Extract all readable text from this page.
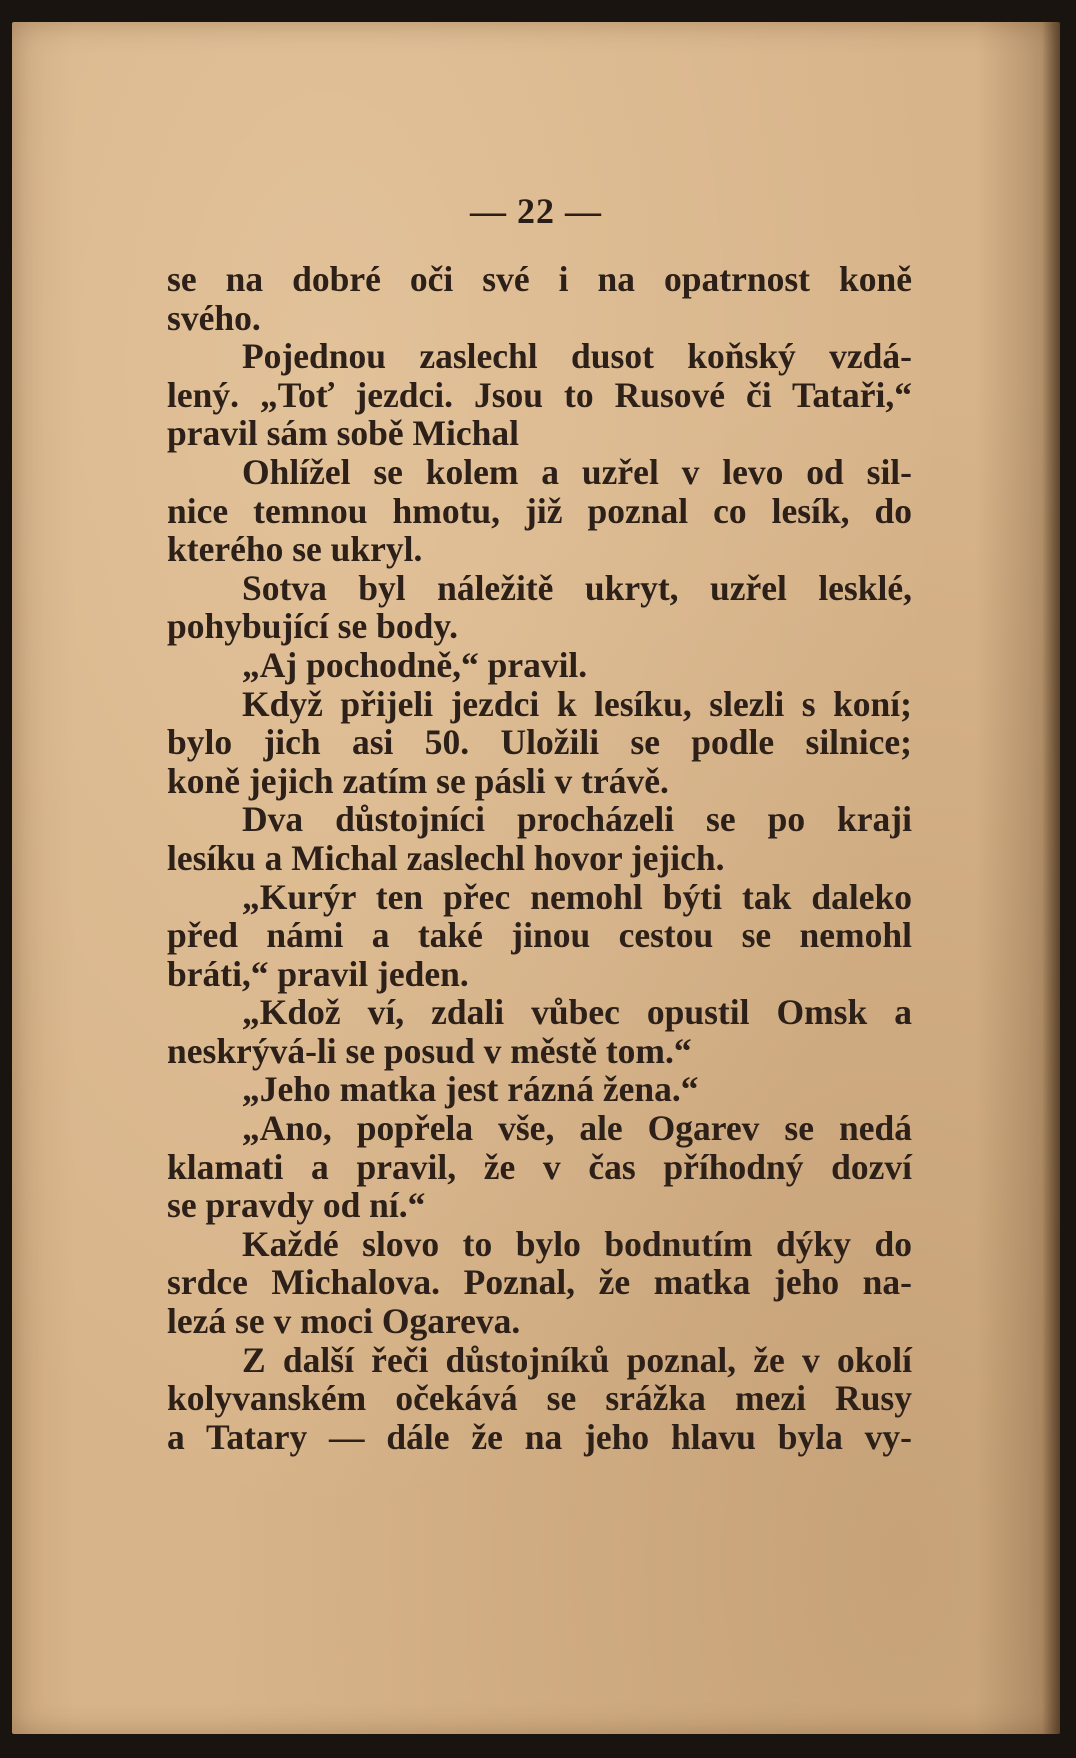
— 22 —
se na dobré oči své i na opatrnost koně
svého.
Pojednou zaslechl dusot koňský vzdá-
lený. „Toť jezdci. Jsou to Rusové či Tataři,“
pravil sám sobě Michal
Ohlížel se kolem a uzřel v levo od sil-
nice temnou hmotu, již poznal co lesík, do
kterého se ukryl.
Sotva byl náležitě ukryt, uzřel lesklé,
pohybující se body.
„Aj pochodně,“ pravil.
Když přijeli jezdci k lesíku, slezli s koní;
bylo jich asi 50. Uložili se podle silnice;
koně jejich zatím se pásli v trávě.
Dva důstojníci procházeli se po kraji
lesíku a Michal zaslechl hovor jejich.
„Kurýr ten přec nemohl býti tak daleko
před námi a také jinou cestou se nemohl
bráti,“ pravil jeden.
„Kdož ví, zdali vůbec opustil Omsk a
neskrývá-li se posud v městě tom.“
„Jeho matka jest rázná žena.“
„Ano, popřela vše, ale Ogarev se nedá
klamati a pravil, že v čas příhodný dozví
se pravdy od ní.“
Každé slovo to bylo bodnutím dýky do
srdce Michalova. Poznal, že matka jeho na-
lezá se v moci Ogareva.
Z další řeči důstojníků poznal, že v okolí
kolyvanském očekává se srážka mezi Rusy
a Tatary — dále že na jeho hlavu byla vy-
